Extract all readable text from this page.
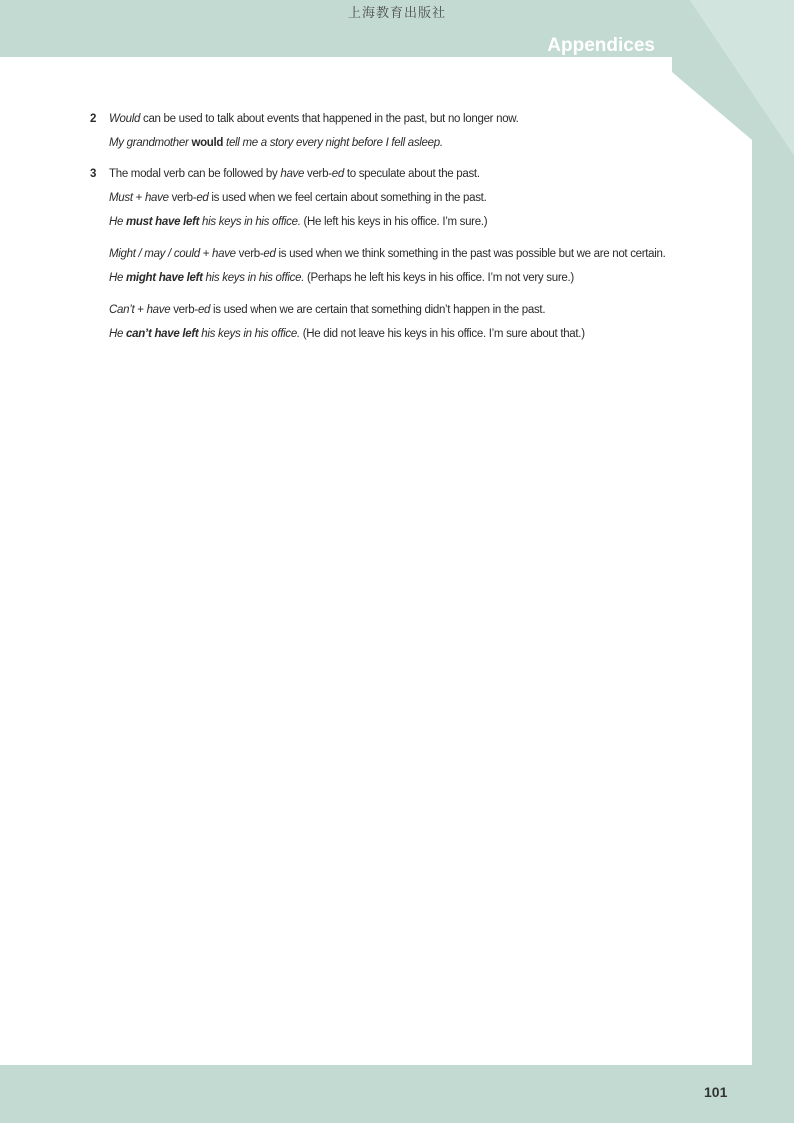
上海教育出版社
Appendices
2 Would can be used to talk about events that happened in the past, but no longer now.

My grandmother would tell me a story every night before I fell asleep.

3 The modal verb can be followed by have verb-ed to speculate about the past.

Must + have verb-ed is used when we feel certain about something in the past.

He must have left his keys in his office. (He left his keys in his office. I’m sure.)

Might / may / could + have verb-ed is used when we think something in the past was possible but we are not certain.

He might have left his keys in his office. (Perhaps he left his keys in his office. I’m not very sure.)

Can’t + have verb-ed is used when we are certain that something didn’t happen in the past.

He can’t have left his keys in his office. (He did not leave his keys in his office. I’m sure about that.)

101
